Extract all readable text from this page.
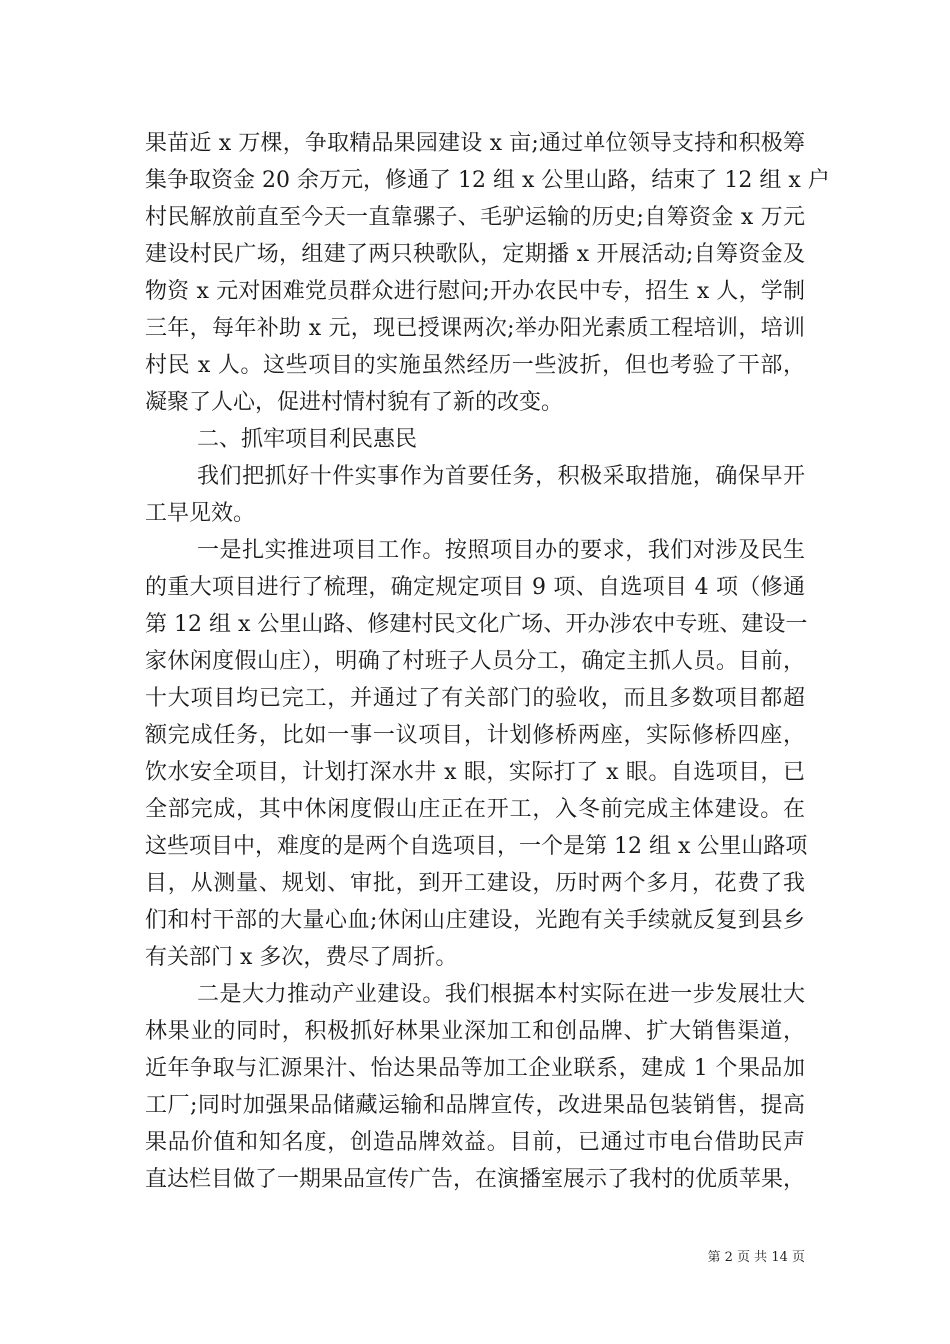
果苗近 x 万棵，争取精品果园建设 x 亩;通过单位领导支持和积极筹
集争取资金 20 余万元，修通了 12 组 x 公里山路，结束了 12 组 x 户
村民解放前直至今天一直靠骡子、毛驴运输的历史;自筹资金 x 万元
建设村民广场，组建了两只秧歌队，定期播 x 开展活动;自筹资金及
物资 x 元对困难党员群众进行慰问;开办农民中专，招生 x 人，学制
三年，每年补助 x 元，现已授课两次;举办阳光素质工程培训，培训
村民 x 人。这些项目的实施虽然经历一些波折，但也考验了干部，
凝聚了人心，促进村情村貌有了新的改变。
二、抓牢项目利民惠民
我们把抓好十件实事作为首要任务，积极采取措施，确保早开
工早见效。
一是扎实推进项目工作。按照项目办的要求，我们对涉及民生
的重大项目进行了梳理，确定规定项目 9 项、自选项目 4 项（修通
第 12 组 x 公里山路、修建村民文化广场、开办涉农中专班、建设一
家休闲度假山庄），明确了村班子人员分工，确定主抓人员。目前，
十大项目均已完工，并通过了有关部门的验收，而且多数项目都超
额完成任务，比如一事一议项目，计划修桥两座，实际修桥四座，
饮水安全项目，计划打深水井 x 眼，实际打了 x 眼。自选项目，已
全部完成，其中休闲度假山庄正在开工，入冬前完成主体建设。在
这些项目中，难度的是两个自选项目，一个是第 12 组 x 公里山路项
目，从测量、规划、审批，到开工建设，历时两个多月，花费了我
们和村干部的大量心血;休闲山庄建设，光跑有关手续就反复到县乡
有关部门 x 多次，费尽了周折。
二是大力推动产业建设。我们根据本村实际在进一步发展壮大
林果业的同时，积极抓好林果业深加工和创品牌、扩大销售渠道，
近年争取与汇源果汁、怡达果品等加工企业联系，建成 1 个果品加
工厂;同时加强果品储藏运输和品牌宣传，改进果品包装销售，提高
果品价值和知名度，创造品牌效益。目前，已通过市电台借助民声
直达栏目做了一期果品宣传广告，在演播室展示了我村的优质苹果，
第 2 页 共 14 页
